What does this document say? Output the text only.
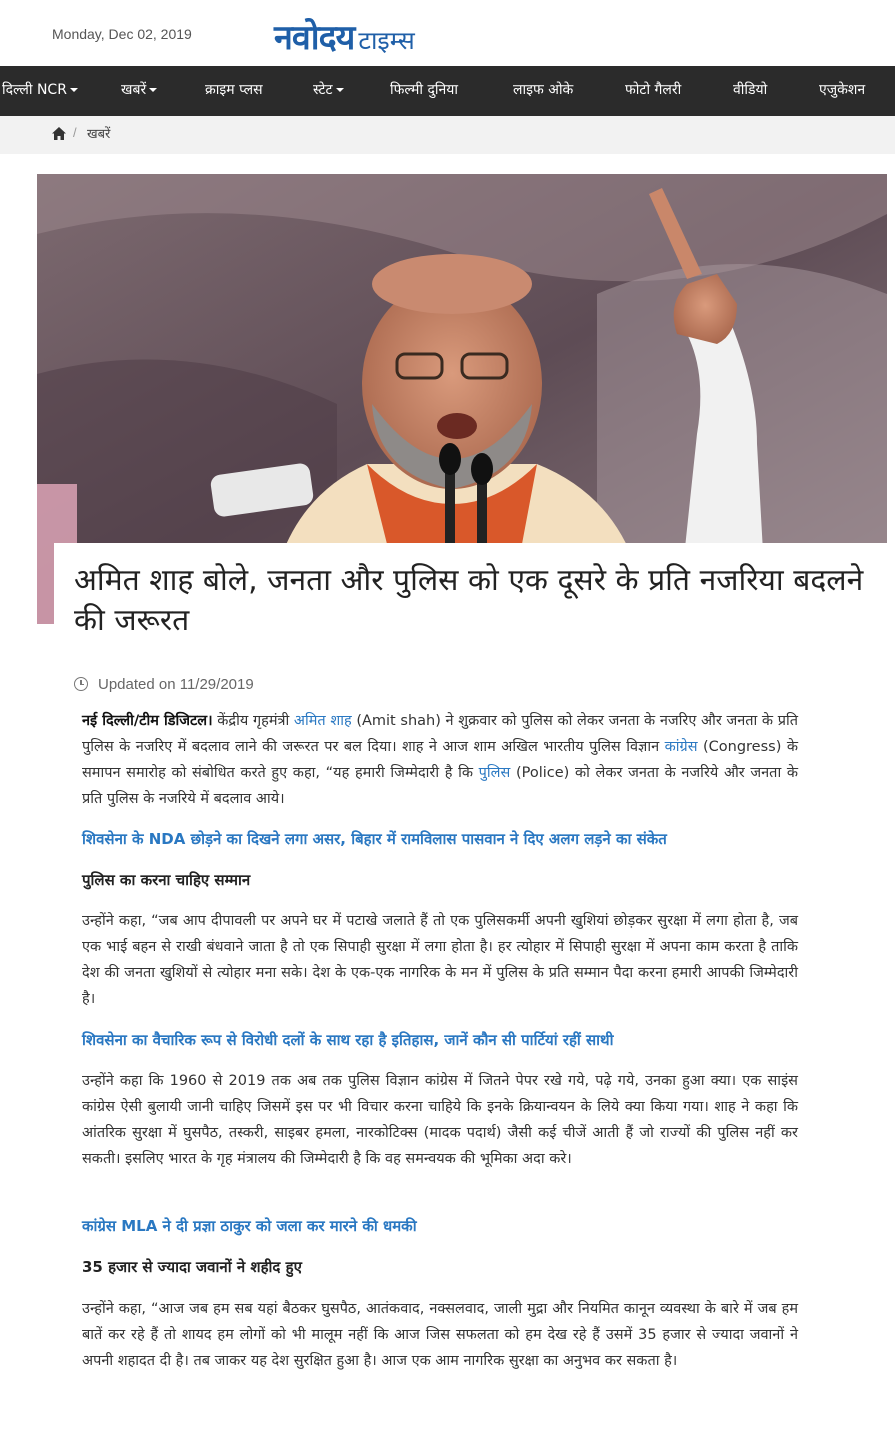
Monday, Dec 02, 2019 नवोदय टाइम्स
दिल्ली NCR	खबरें	क्राइम प्लस	स्टेट	फिल्मी दुनिया	लाइफ ओके	फोटो गैलरी	वीडियो	एजुकेशन
/ खबरें
अमित शाह बोले, जनता और पुलिस को एक दूसरे के प्रति नजरिया बदलने की जरूरत
Updated on 11/29/2019

नई दिल्ली/टीम डिजिटल। केंद्रीय गृहमंत्री अमित शाह (Amit shah) ने शुक्रवार को पुलिस को लेकर जनता के नजरिए और जनता के प्रति पुलिस के नजरिए में बदलाव लाने की जरूरत पर बल दिया। शाह ने आज शाम अखिल भारतीय पुलिस विज्ञान कांग्रेस (Congress) के समापन समारोह को संबोधित करते हुए कहा, “यह हमारी जिम्मेदारी है कि पुलिस (Police) को लेकर जनता के नजरिये और जनता के प्रति पुलिस के नजरिये में बदलाव आये।

शिवसेना के NDA छोड़ने का दिखने लगा असर, बिहार में रामविलास पासवान ने दिए अलग लड़ने का संकेत
पुलिस का करना चाहिए सम्मान

उन्होंने कहा, “जब आप दीपावली पर अपने घर में पटाखे जलाते हैं तो एक पुलिसकर्मी अपनी खुशियां छोड़कर सुरक्षा में लगा होता है, जब एक भाई बहन से राखी बंधवाने जाता है तो एक सिपाही सुरक्षा में लगा होता है। हर त्योहार में सिपाही सुरक्षा में अपना काम करता है ताकि देश की जनता खुशियों से त्योहार मना सके। देश के एक-एक नागरिक के मन में पुलिस के प्रति सम्मान पैदा करना हमारी आपकी जिम्मेदारी है।

शिवसेना का वैचारिक रूप से विरोधी दलों के साथ रहा है इतिहास, जानें कौन सी पार्टियां रहीं साथी

उन्होंने कहा कि 1960 से 2019 तक अब तक पुलिस विज्ञान कांग्रेस में जितने पेपर रखे गये, पढ़े गये, उनका हुआ क्या। एक साइंस कांग्रेस ऐसी बुलायी जानी चाहिए जिसमें इस पर भी विचार करना चाहिये कि इनके क्रियान्वयन के लिये क्या किया गया। शाह ने कहा कि आंतरिक सुरक्षा में घुसपैठ, तस्करी, साइबर हमला, नारकोटिक्स (मादक पदार्थ) जैसी कई चीजें आती हैं जो राज्यों की पुलिस नहीं कर सकती। इसलिए भारत के गृह मंत्रालय की जिम्मेदारी है कि वह समन्वयक की भूमिका अदा करे।

कांग्रेस MLA ने दी प्रज्ञा ठाकुर को जला कर मारने की धमकी
35 हजार से ज्यादा जवानों ने शहीद हुए

उन्होंने कहा, “आज जब हम सब यहां बैठकर घुसपैठ, आतंकवाद, नक्सलवाद, जाली मुद्रा और नियमित कानून व्यवस्था के बारे में जब हम बातें कर रहे हैं तो शायद हम लोगों को भी मालूम नहीं कि आज जिस सफलता को हम देख रहे हैं उसमें 35 हजार से ज्यादा जवानों ने अपनी शहादत दी है। तब जाकर यह देश सुरक्षित हुआ है। आज एक आम नागरिक सुरक्षा का अनुभव कर सकता है।
